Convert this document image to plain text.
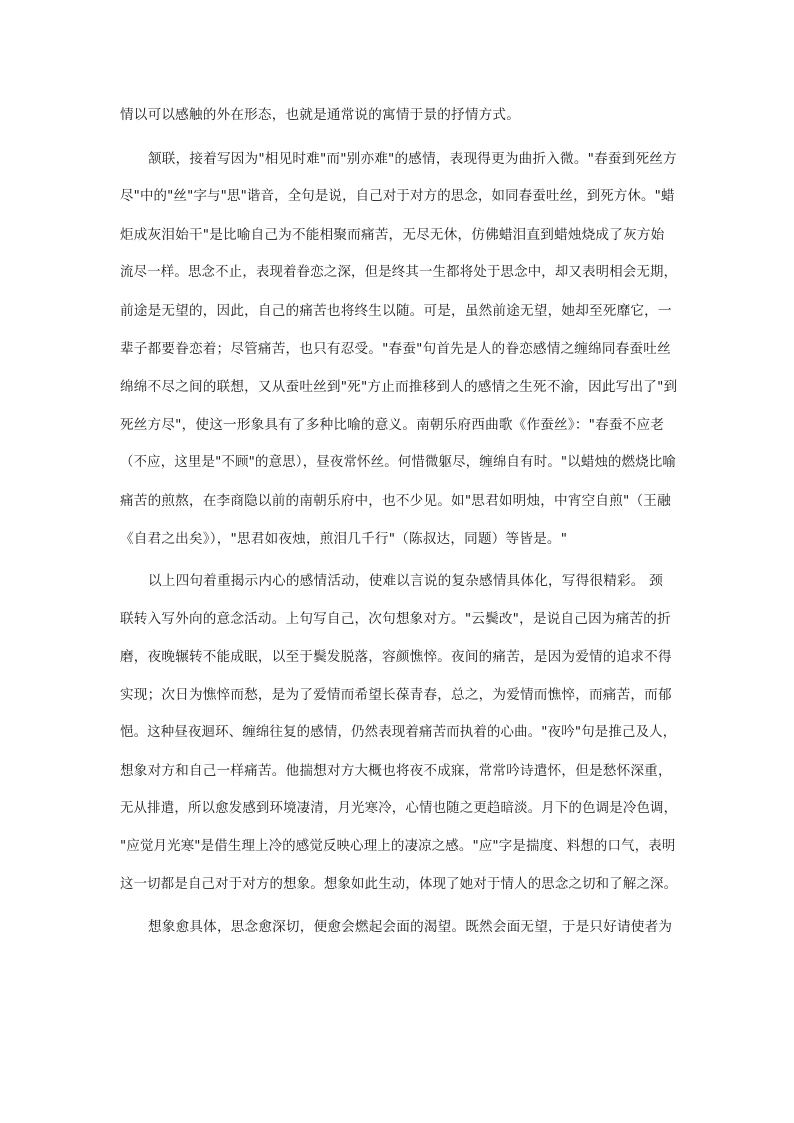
情以可以感触的外在形态，也就是通常说的寓情于景的抒情方式。
颔联，接着写因为"相见时难"而"别亦难"的感情，表现得更为曲折入微。"春蚕到死丝方
尽"中的"丝"字与"思"谐音，全句是说，自己对于对方的思念，如同春蚕吐丝，到死方休。"蜡
炬成灰泪始干"是比喻自己为不能相聚而痛苦，无尽无休，仿佛蜡泪直到蜡烛烧成了灰方始
流尽一样。思念不止，表现着眷恋之深，但是终其一生都将处于思念中，却又表明相会无期，
前途是无望的，因此，自己的痛苦也将终生以随。可是，虽然前途无望，她却至死靡它，一
辈子都要眷恋着；尽管痛苦，也只有忍受。"春蚕"句首先是人的眷恋感情之缠绵同春蚕吐丝
绵绵不尽之间的联想，又从蚕吐丝到"死"方止而推移到人的感情之生死不渝，因此写出了"到
死丝方尽"，使这一形象具有了多种比喻的意义。南朝乐府西曲歌《作蚕丝》："春蚕不应老
（不应，这里是"不顾"的意思），昼夜常怀丝。何惜微躯尽，缠绵自有时。"以蜡烛的燃烧比喻
痛苦的煎熬，在李商隐以前的南朝乐府中，也不少见。如"思君如明烛，中宵空自煎"（王融
《自君之出矣》），"思君如夜烛，煎泪几千行"（陈叔达，同题）等皆是。"
以上四句着重揭示内心的感情活动，使难以言说的复杂感情具体化，写得很精彩。 颈
联转入写外向的意念活动。上句写自己，次句想象对方。"云鬓改"，是说自己因为痛苦的折
磨，夜晚辗转不能成眠，以至于鬓发脱落，容颜憔悴。夜间的痛苦，是因为爱情的追求不得
实现；次日为憔悴而愁，是为了爱情而希望长葆青春，总之，为爱情而憔悴，而痛苦，而郁
悒。这种昼夜迴环、缠绵往复的感情，仍然表现着痛苦而执着的心曲。"夜吟"句是推己及人，
想象对方和自己一样痛苦。他揣想对方大概也将夜不成寐，常常吟诗遣怀，但是愁怀深重，
无从排遣，所以愈发感到环境凄清，月光寒冷，心情也随之更趋暗淡。月下的色调是冷色调，
"应觉月光寒"是借生理上冷的感觉反映心理上的凄凉之感。"应"字是揣度、料想的口气，表明
这一切都是自己对于对方的想象。想象如此生动，体现了她对于情人的思念之切和了解之深。
想象愈具体，思念愈深切，便愈会燃起会面的渴望。既然会面无望，于是只好请使者为
